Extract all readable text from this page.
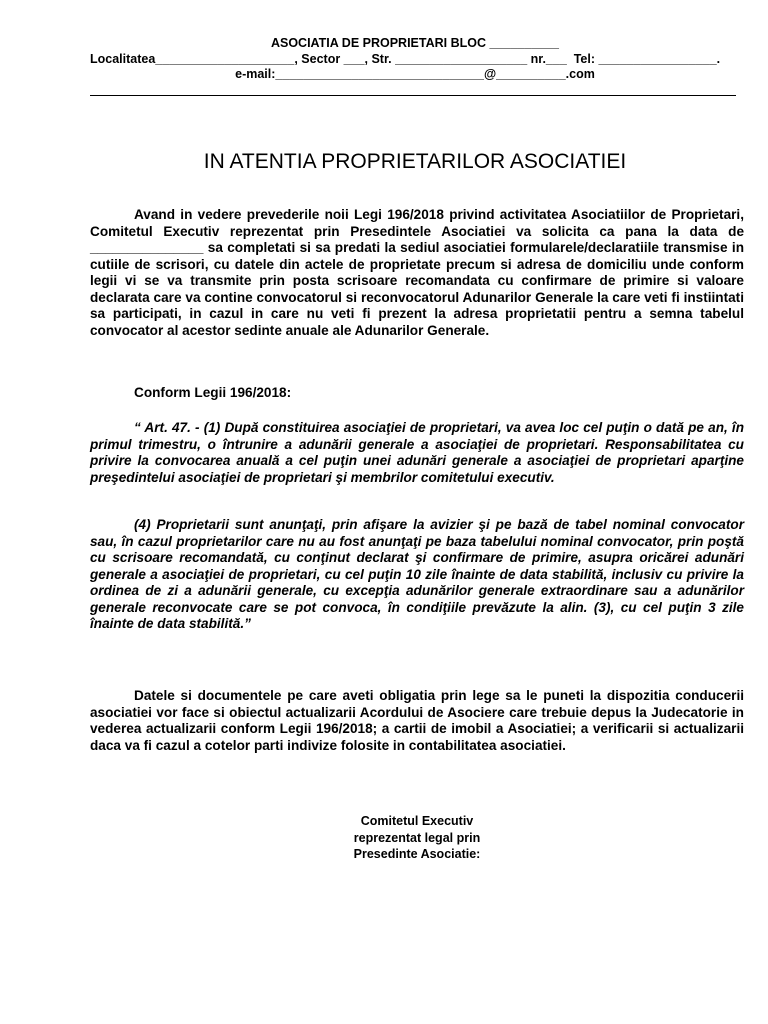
ASOCIATIA DE PROPRIETARI BLOC __________

Localitatea____________________, Sector ___, Str. ___________________ nr.___  Tel: _________________.

e-mail:______________________________@__________.com

IN ATENTIA PROPRIETARILOR ASOCIATIEI

Avand in vedere prevederile noii Legi 196/2018 privind activitatea Asociatiilor de Proprietari, Comitetul Executiv reprezentat prin Presedintele Asociatiei va solicita ca pana la data de _______________ sa completati si sa predati la sediul asociatiei formularele/declaratiile transmise in cutiile de scrisori, cu datele din actele de proprietate precum si adresa de domiciliu unde conform legii vi se va transmite prin posta scrisoare recomandata cu confirmare de primire si valoare declarata care va contine convocatorul si reconvocatorul Adunarilor Generale la care veti fi instiintati sa participati, in cazul in care nu veti fi prezent la adresa proprietatii pentru a semna tabelul convocator al acestor sedinte anuale ale Adunarilor Generale.

Conform Legii 196/2018:

“ Art. 47. - (1) După constituirea asociaţiei de proprietari, va avea loc cel puţin o dată pe an, în primul trimestru, o întrunire a adunării generale a asociaţiei de proprietari. Responsabilitatea cu privire la convocarea anuală a cel puţin unei adunări generale a asociaţiei de proprietari aparţine preşedintelui asociaţiei de proprietari şi membrilor comitetului executiv.

(4) Proprietarii sunt anunţaţi, prin afişare la avizier şi pe bază de tabel nominal convocator sau, în cazul proprietarilor care nu au fost anunţaţi pe baza tabelului nominal convocator, prin poştă cu scrisoare recomandată, cu conţinut declarat şi confirmare de primire, asupra oricărei adunări generale a asociaţiei de proprietari, cu cel puţin 10 zile înainte de data stabilită, inclusiv cu privire la ordinea de zi a adunării generale, cu excepţia adunărilor generale extraordinare sau a adunărilor generale reconvocate care se pot convoca, în condiţiile prevăzute la alin. (3), cu cel puţin 3 zile înainte de data stabilită.”

Datele si documentele pe care aveti obligatia prin lege sa le puneti la dispozitia conducerii asociatiei vor face si obiectul actualizarii Acordului de Asociere care trebuie depus la Judecatorie in vederea actualizarii conform Legii 196/2018; a cartii de imobil a Asociatiei; a verificarii si actualizarii daca va fi cazul a cotelor parti indivize folosite in contabilitatea asociatiei.

Comitetul Executiv
reprezentat legal prin
Presedinte Asociatie:
